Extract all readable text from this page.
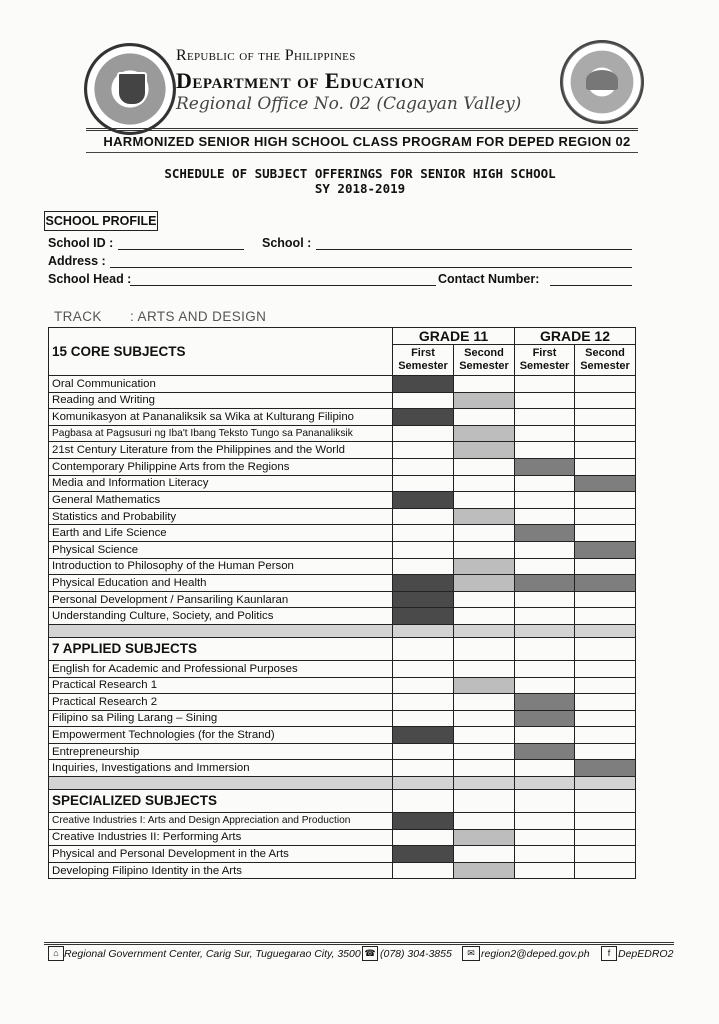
Republic of the Philippines
Department of Education
Regional Office No. 02 (Cagayan Valley)
HARMONIZED SENIOR HIGH SCHOOL CLASS PROGRAM FOR DEPED REGION 02
SCHEDULE OF SUBJECT OFFERINGS FOR SENIOR HIGH SCHOOL
SY 2018-2019
SCHOOL PROFILE
School ID :	School :
Address :
School Head :	Contact Number:
TRACK : ARTS AND DESIGN
15 CORE SUBJECTS	GRADE 11		GRADE 12	
	First Semester	Second Semester	First Semester	Second Semester
Oral Communication				
Reading and Writing				
Komunikasyon at Pananaliksik sa Wika at Kulturang Filipino				
Pagbasa at Pagsusuri ng Iba't Ibang Teksto Tungo sa Pananaliksik				
21st Century Literature from the Philippines and the World				
Contemporary Philippine Arts from the Regions				
Media and Information Literacy				
General Mathematics				
Statistics and Probability				
Earth and Life Science				
Physical Science				
Introduction to Philosophy of the Human Person				
Physical Education and Health				
Personal Development / Pansariling Kaunlaran				
Understanding Culture, Society, and Politics				

7 APPLIED SUBJECTS				
English for Academic and Professional Purposes				
Practical Research 1				
Practical Research 2				
Filipino sa Piling Larang – Sining				
Empowerment Technologies (for the Strand)				
Entrepreneurship				
Inquiries, Investigations and Immersion				

SPECIALIZED SUBJECTS				
Creative Industries I: Arts and Design Appreciation and Production				
Creative Industries II: Performing Arts				
Physical and Personal Development in the Arts				
Developing Filipino Identity in the Arts				
⌂ Regional Government Center, Carig Sur, Tuguegarao City, 3500 ☎ (078) 304-3855	✉ region2@deped.gov.ph	f DepEDRO2
